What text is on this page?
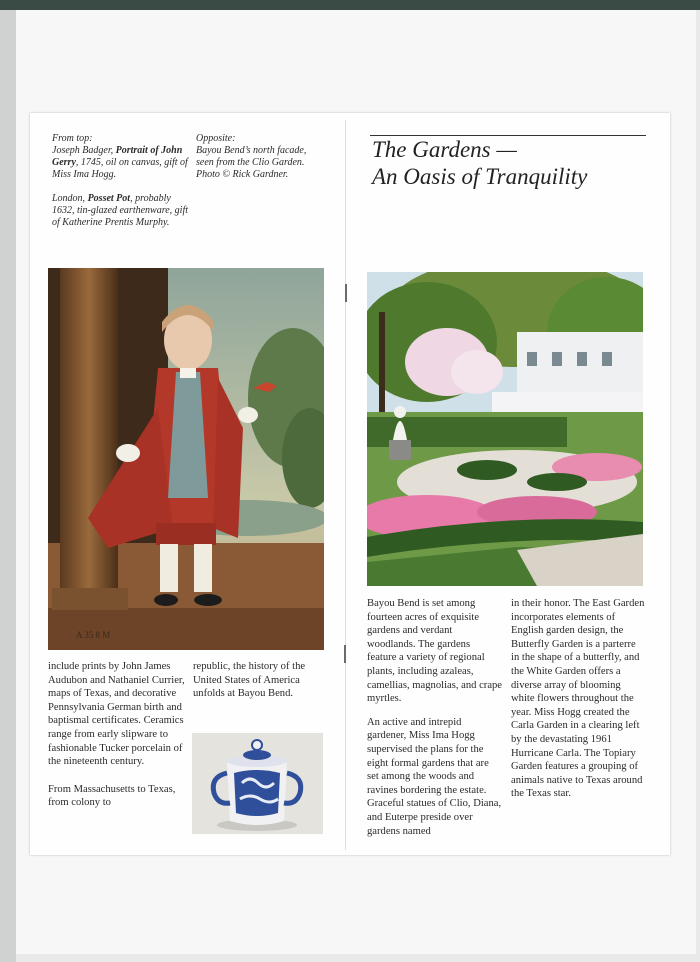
From top:
Joseph Badger, Portrait of John Gerry, 1745, oil on canvas, gift of Miss Ima Hogg.

London, Posset Pot, probably 1632, tin-glazed earthenware, gift of Katherine Prentis Murphy.

Opposite:
Bayou Bend’s north facade, seen from the Clio Garden. Photo © Rick Gardner.
A 35 8 M

include prints by John James Audubon and Nathaniel Currier, maps of Texas, and decorative Pennsylvania German birth and baptismal certificates. Ceramics range from early slipware to fashionable Tucker porcelain of the nineteenth century.

From Massachusetts to Texas, from colony to

republic, the history of the United States of America unfolds at Bayou Bend.

The Gardens —
An Oasis of Tranquility

Bayou Bend is set among fourteen acres of exquisite gardens and verdant woodlands. The gardens feature a variety of regional plants, including azaleas, camellias, magnolias, and crape myrtles.

An active and intrepid gardener, Miss Ima Hogg supervised the plans for the eight formal gardens that are set among the woods and ravines bordering the estate. Graceful statues of Clio, Diana, and Euterpe preside over gardens named

in their honor. The East Garden incorporates elements of English garden design, the Butterfly Garden is a parterre in the shape of a butterfly, and the White Garden offers a diverse array of blooming white flowers throughout the year. Miss Hogg created the Carla Garden in a clearing left by the devastating 1961 Hurricane Carla. The Topiary Garden features a grouping of animals native to Texas around the Texas star.
